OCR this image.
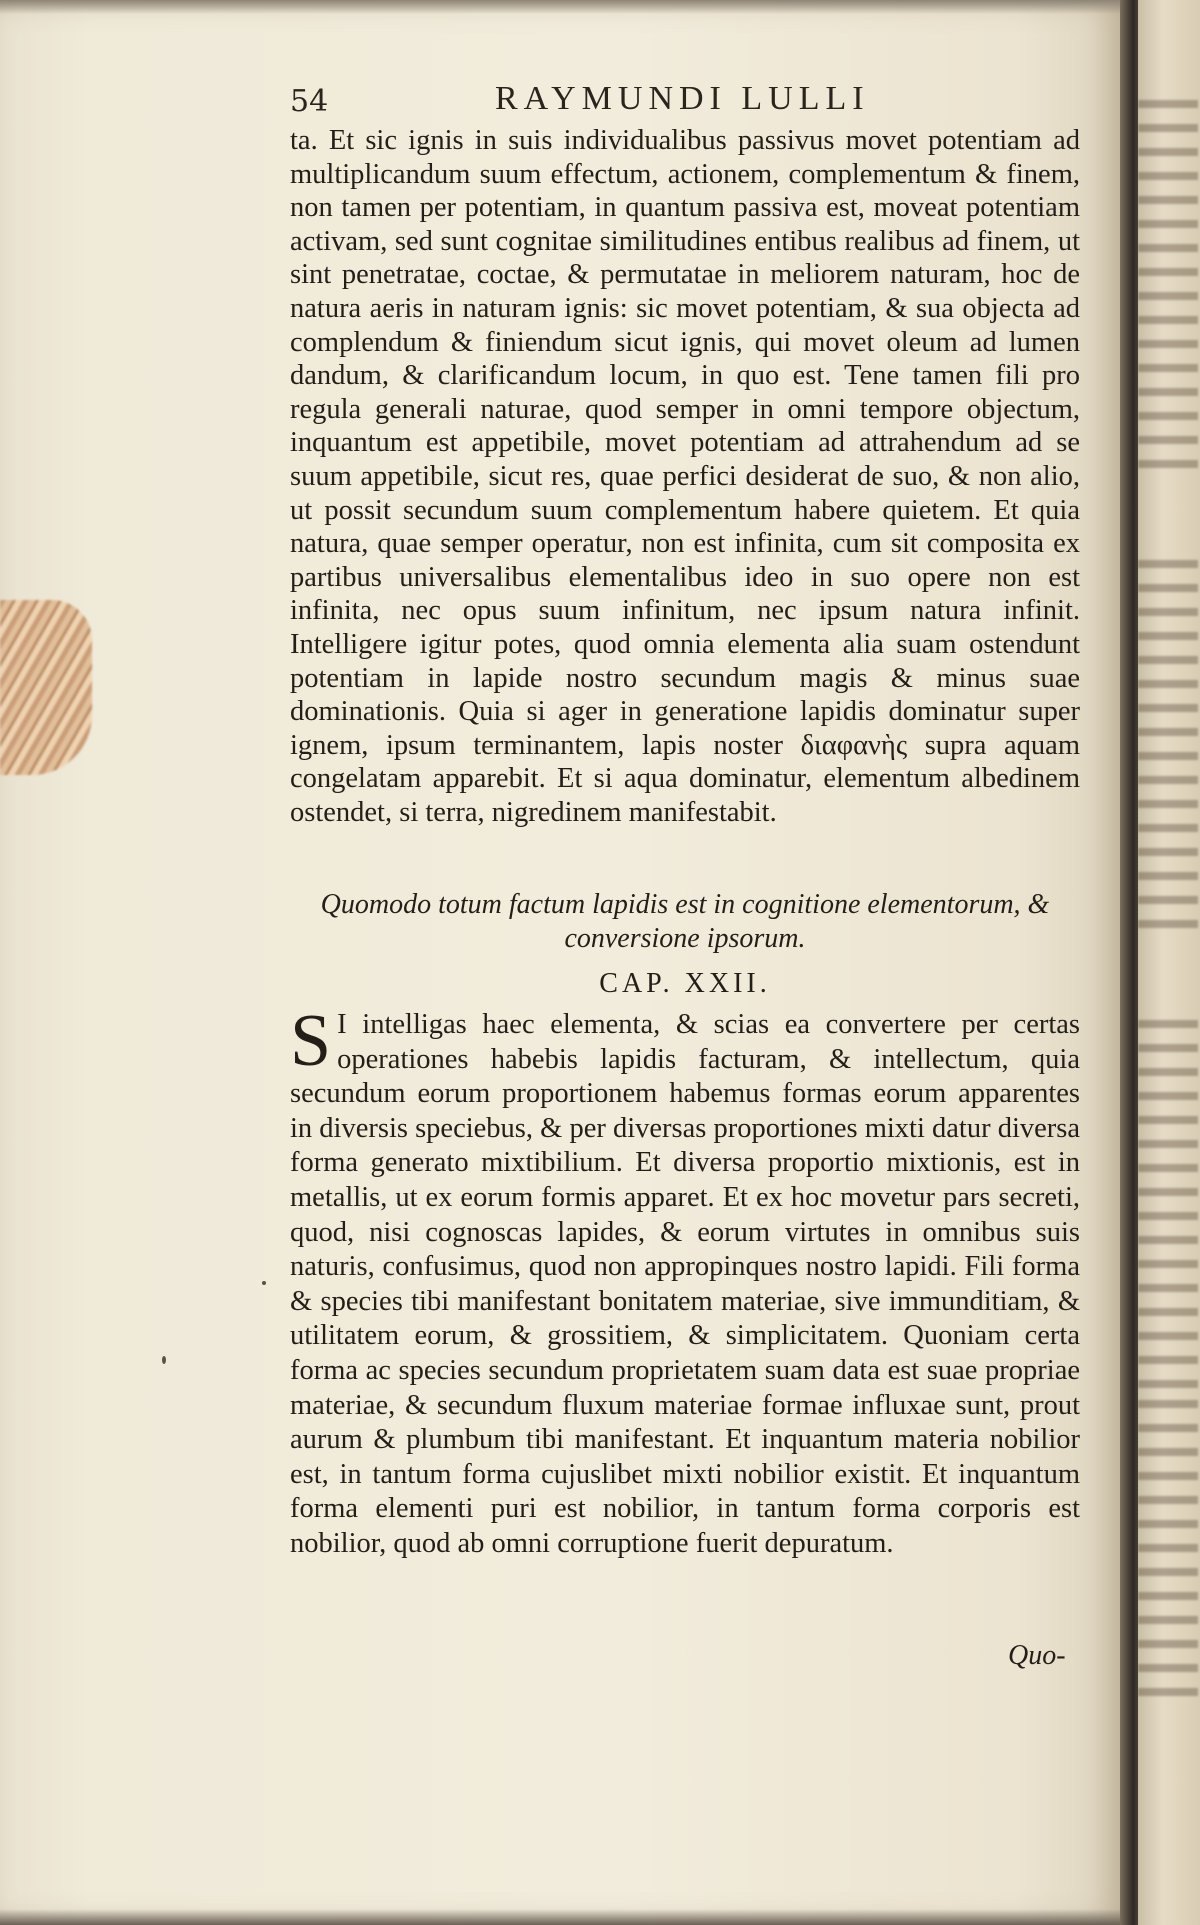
54	RAYMUNDI LULLI
ta. Et sic ignis in suis individualibus passivus movet potentiam ad multiplicandum suum effectum, actionem, complementum & finem, non tamen per potentiam, in quantum passiva est, moveat potentiam activam, sed sunt cognitae similitudines entibus realibus ad finem, ut sint penetratae, coctae, & permutatae in meliorem naturam, hoc de natura aeris in naturam ignis: sic movet potentiam, & sua objecta ad complendum & finiendum sicut ignis, qui movet oleum ad lumen dandum, & clarificandum locum, in quo est. Tene tamen fili pro regula generali naturae, quod semper in omni tempore objectum, inquantum est appetibile, movet potentiam ad attrahendum ad se suum appetibile, sicut res, quae perfici desiderat de suo, & non alio, ut possit secundum suum complementum habere quietem. Et quia natura, quae semper operatur, non est infinita, cum sit composita ex partibus universalibus elementalibus ideo in suo opere non est infinita, nec opus suum infinitum, nec ipsum natura infinit. Intelligere igitur potes, quod omnia elementa alia suam ostendunt potentiam in lapide nostro secundum magis & minus suae dominationis. Quia si ager in generatione lapidis dominatur super ignem, ipsum terminantem, lapis noster διαφανὴς supra aquam congelatam apparebit. Et si aqua dominatur, elementum albedinem ostendet, si terra, nigredinem manifestabit.
Quomodo totum factum lapidis est in cognitione elementorum, & conversione ipsorum.
CAP. XXII.
S I intelligas haec elementa, & scias ea convertere per certas operationes habebis lapidis facturam, & intellectum, quia secundum eorum proportionem habemus formas eorum apparentes in diversis speciebus, & per diversas proportiones mixti datur diversa forma generato mixtibilium. Et diversa proportio mixtionis, est in metallis, ut ex eorum formis apparet. Et ex hoc movetur pars secreti, quod, nisi cognoscas lapides, & eorum virtutes in omnibus suis naturis, confusimus, quod non appropinques nostro lapidi. Fili forma & species tibi manifestant bonitatem materiae, sive immunditiam, & utilitatem eorum, & grossitiem, & simplicitatem. Quoniam certa forma ac species secundum proprietatem suam data est suae propriae materiae, & secundum fluxum materiae formae influxae sunt, prout aurum & plumbum tibi manifestant. Et inquantum materia nobilior est, in tantum forma cujuslibet mixti nobilior existit. Et inquantum forma elementi puri est nobilior, in tantum forma corporis est nobilior, quod ab omni corruptione fuerit depuratum.
Quo-
